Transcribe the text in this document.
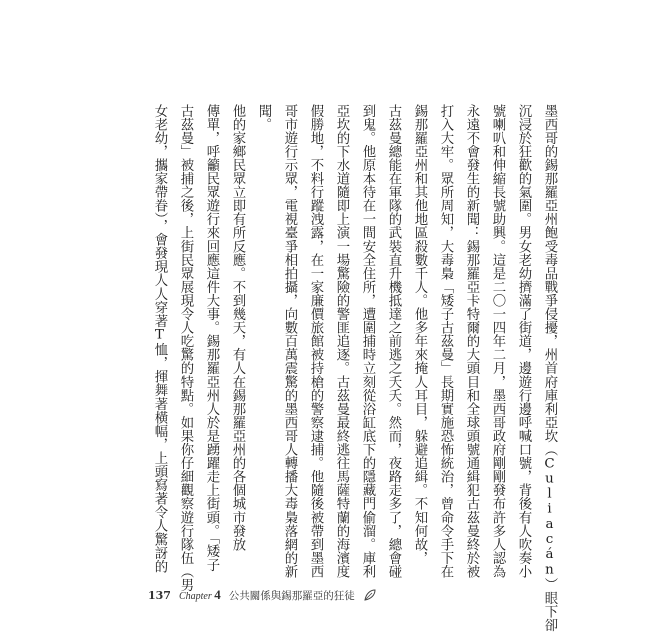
墨西哥的錫那羅亞州飽受毒品戰爭侵擾，州首府庫利亞坎（Culiacán）眼下卻
沉浸於狂歡的氣圍。男女老幼擠滿了街道，邊遊行邊呼喊口號，背後有人吹奏小
號喇叭和伸縮長號助興。這是二〇一四年二月，墨西哥政府剛剛發布許多人認為
永遠不會發生的新聞：錫那羅亞卡特爾的大頭目和全球頭號通緝犯古茲曼終於被
打入大牢。眾所周知，大毒梟「矮子古茲曼」長期實施恐怖統治，曾命令手下在
錫那羅亞州和其他地區殺數千人。他多年來掩人耳目，躲避追緝。不知何故，
古茲曼總能在軍隊的武裝直升機抵達之前逃之夭夭。然而，夜路走多了，總會碰
到鬼。他原本待在一間安全住所，遭圍捕時立刻從浴缸底下的隱藏門偷溜。庫利
亞坎的下水道隨即上演一場驚險的警匪追逐。古茲曼最終逃往馬薩特蘭的海濱度
假勝地，不料行蹤洩露，在一家廉價旅館被持槍的警察逮捕。他隨後被帶到墨西
哥市遊行示眾，電視臺爭相拍攝，向數百萬震驚的墨西哥人轉播大毒梟落網的新
聞。
他的家鄉民眾立即有所反應。不到幾天，有人在錫那羅亞州的各個城市發放
傳單，呼籲民眾遊行來回應這件大事。錫那羅亞州人於是踴躍走上街頭。「矮子
古茲曼」被捕之後，上街民眾展現令人吃驚的特點。如果你仔細觀察遊行隊伍（男
女老幼，攜家帶眷），會發現人人穿著T恤，揮舞著橫幅，上頭寫著令人驚訝的
137 Chapter 4 公共關係與錫那羅亞的狂徒
